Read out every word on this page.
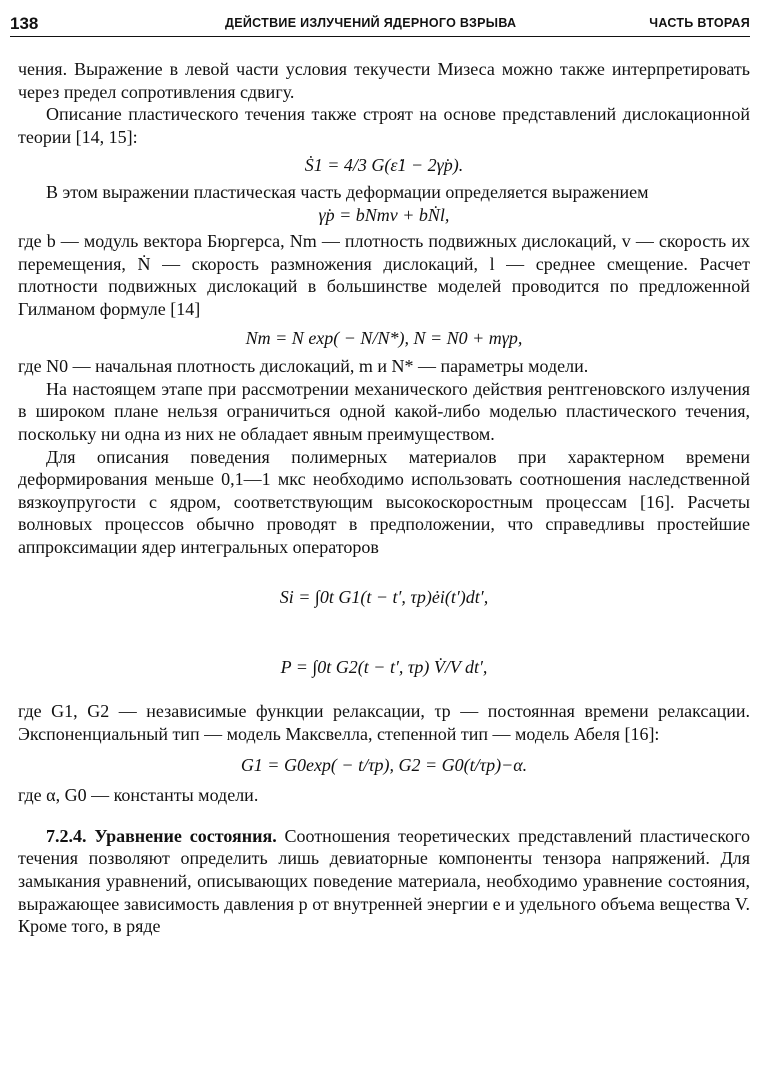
138	ДЕЙСТВИЕ ИЗЛУЧЕНИЙ ЯДЕРНОГО ВЗРЫВА	ЧАСТЬ ВТОРАЯ

чения. Выражение в левой части условия текучести Мизеса можно также интерпретировать через предел сопротивления сдвигу.

Описание пластического течения также строят на основе представлений дислокационной теории [14, 15]:

Ṡ1 = 4/3 G(ε̇1 − 2γ̇p).

В этом выражении пластическая часть деформации определяется выражением

γ̇p = bNmv + bṄl,

где b — модуль вектора Бюргерса, Nm — плотность подвижных дислокаций, v — скорость их перемещения, Ṅ — скорость размножения дислокаций, l — среднее смещение. Расчет плотности подвижных дислокаций в большинстве моделей проводится по предложенной Гилманом формуле [14]

Nm = N exp( − N/N*), N = N0 + mγp,

где N0 — начальная плотность дислокаций, m и N* — параметры модели.

На настоящем этапе при рассмотрении механического действия рентгеновского излучения в широком плане нельзя ограничиться одной какой-либо моделью пластического течения, поскольку ни одна из них не обладает явным преимуществом.

Для описания поведения полимерных материалов при характерном времени деформирования меньше 0,1—1 мкс необходимо использовать соотношения наследственной вязкоупругости с ядром, соответствующим высокоскоростным процессам [16]. Расчеты волновых процессов обычно проводят в предположении, что справедливы простейшие аппроксимации ядер интегральных операторов

Si = ∫0t G1(t − t′, τp)ėi(t′)dt′,
P = ∫0t G2(t − t′, τp) V̇/V dt′,

где G1, G2 — независимые функции релаксации, τp — постоянная времени релаксации. Экспоненциальный тип — модель Максвелла, степенной тип — модель Абеля [16]:

G1 = G0exp( − t/τp), G2 = G0(t/τp)−α.

где α, G0 — константы модели.

7.2.4. Уравнение состояния. Соотношения теоретических представлений пластического течения позволяют определить лишь девиаторные компоненты тензора напряжений. Для замыкания уравнений, описывающих поведение материала, необходимо уравнение состояния, выражающее зависимость давления p от внутренней энергии e и удельного объема вещества V. Кроме того, в ряде
